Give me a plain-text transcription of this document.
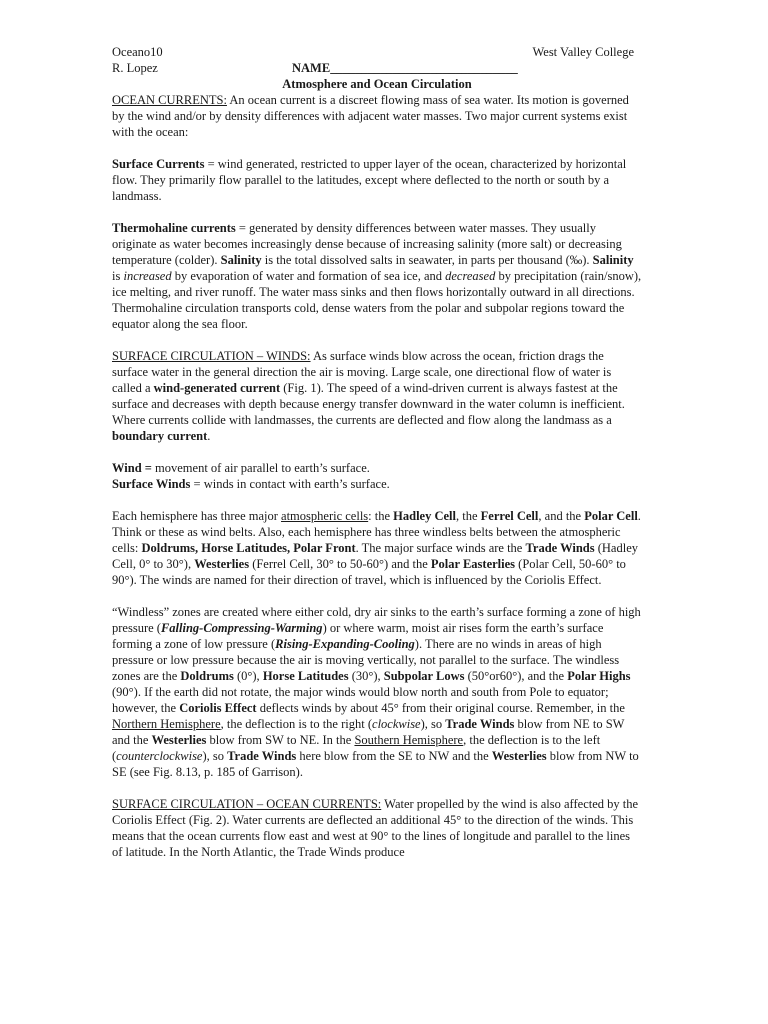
Oceano10	West Valley College
R. Lopez	NAME______________________________
Atmosphere and Ocean Circulation

OCEAN CURRENTS: An ocean current is a discreet flowing mass of sea water. Its motion is governed by the wind and/or by density differences with adjacent water masses. Two major current systems exist with the ocean:

Surface Currents = wind generated, restricted to upper layer of the ocean, characterized by horizontal flow. They primarily flow parallel to the latitudes, except where deflected to the north or south by a landmass.

Thermohaline currents = generated by density differences between water masses. They usually originate as water becomes increasingly dense because of increasing salinity (more salt) or decreasing temperature (colder). Salinity is the total dissolved salts in seawater, in parts per thousand (‰). Salinity is increased by evaporation of water and formation of sea ice, and decreased by precipitation (rain/snow), ice melting, and river runoff. The water mass sinks and then flows horizontally outward in all directions. Thermohaline circulation transports cold, dense waters from the polar and subpolar regions toward the equator along the sea floor.

SURFACE CIRCULATION – WINDS: As surface winds blow across the ocean, friction drags the surface water in the general direction the air is moving. Large scale, one directional flow of water is called a wind-generated current (Fig. 1). The speed of a wind-driven current is always fastest at the surface and decreases with depth because energy transfer downward in the water column is inefficient. Where currents collide with landmasses, the currents are deflected and flow along the landmass as a boundary current.

Wind = movement of air parallel to earth’s surface.

Surface Winds = winds in contact with earth’s surface.

Each hemisphere has three major atmospheric cells: the Hadley Cell, the Ferrel Cell, and the Polar Cell. Think or these as wind belts. Also, each hemisphere has three windless belts between the atmospheric cells: Doldrums, Horse Latitudes, Polar Front. The major surface winds are the Trade Winds (Hadley Cell, 0° to 30°), Westerlies (Ferrel Cell, 30° to 50-60°) and the Polar Easterlies (Polar Cell, 50-60° to 90°). The winds are named for their direction of travel, which is influenced by the Coriolis Effect.

“Windless” zones are created where either cold, dry air sinks to the earth’s surface forming a zone of high pressure (Falling-Compressing-Warming) or where warm, moist air rises form the earth’s surface forming a zone of low pressure (Rising-Expanding-Cooling). There are no winds in areas of high pressure or low pressure because the air is moving vertically, not parallel to the surface. The windless zones are the Doldrums (0°), Horse Latitudes (30°), Subpolar Lows (50°or60°), and the Polar Highs (90°). If the earth did not rotate, the major winds would blow north and south from Pole to equator; however, the Coriolis Effect deflects winds by about 45° from their original course. Remember, in the Northern Hemisphere, the deflection is to the right (clockwise), so Trade Winds blow from NE to SW and the Westerlies blow from SW to NE. In the Southern Hemisphere, the deflection is to the left (counterclockwise), so Trade Winds here blow from the SE to NW and the Westerlies blow from NW to SE (see Fig. 8.13, p. 185 of Garrison).

SURFACE CIRCULATION – OCEAN CURRENTS: Water propelled by the wind is also affected by the Coriolis Effect (Fig. 2). Water currents are deflected an additional 45° to the direction of the winds. This means that the ocean currents flow east and west at 90° to the lines of longitude and parallel to the lines of latitude. In the North Atlantic, the Trade Winds produce
